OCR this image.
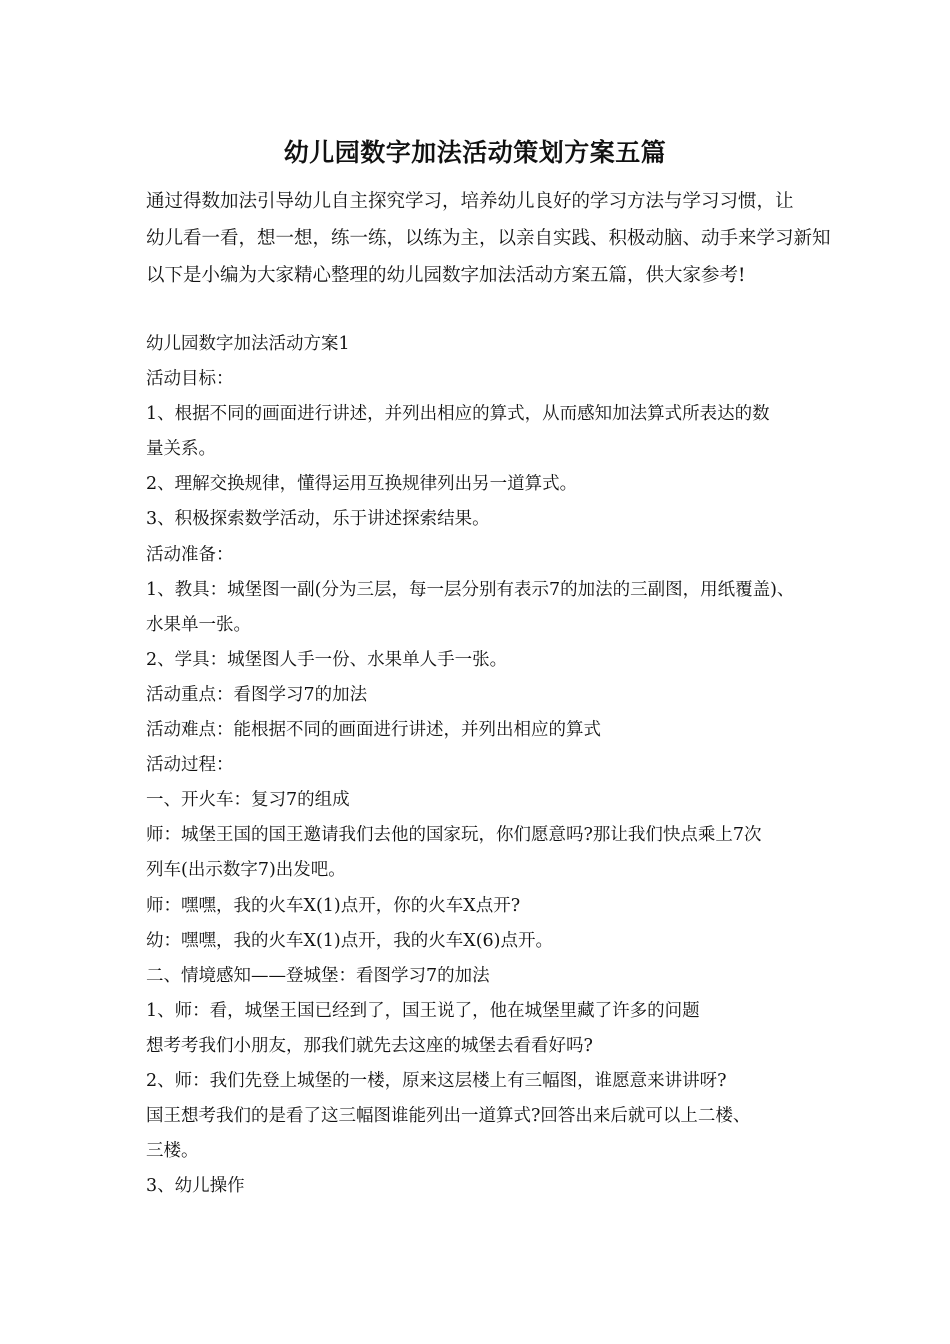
幼儿园数字加法活动策划方案五篇
通过得数加法引导幼儿自主探究学习，培养幼儿良好的学习方法与学习习惯，让
幼儿看一看，想一想，练一练，以练为主，以亲自实践、积极动脑、动手来学习新知
以下是小编为大家精心整理的幼儿园数字加法活动方案五篇，供大家参考!
幼儿园数字加法活动方案1
活动目标：
1、根据不同的画面进行讲述，并列出相应的算式，从而感知加法算式所表达的数
量关系。
2、理解交换规律，懂得运用互换规律列出另一道算式。
3、积极探索数学活动，乐于讲述探索结果。
活动准备：
1、教具：城堡图一副(分为三层，每一层分别有表示7的加法的三副图，用纸覆盖)、
水果单一张。
2、学具：城堡图人手一份、水果单人手一张。
活动重点：看图学习7的加法
活动难点：能根据不同的画面进行讲述，并列出相应的算式
活动过程：
一、开火车：复习7的组成
师：城堡王国的国王邀请我们去他的国家玩，你们愿意吗?那让我们快点乘上7次
列车(出示数字7)出发吧。
师：嘿嘿，我的火车X(1)点开，你的火车X点开?
幼：嘿嘿，我的火车X(1)点开，我的火车X(6)点开。
二、情境感知——登城堡：看图学习7的加法
1、师：看，城堡王国已经到了，国王说了，他在城堡里藏了许多的问题
想考考我们小朋友，那我们就先去这座的城堡去看看好吗?
2、师：我们先登上城堡的一楼，原来这层楼上有三幅图，谁愿意来讲讲呀?
国王想考我们的是看了这三幅图谁能列出一道算式?回答出来后就可以上二楼、
三楼。
3、幼儿操作
